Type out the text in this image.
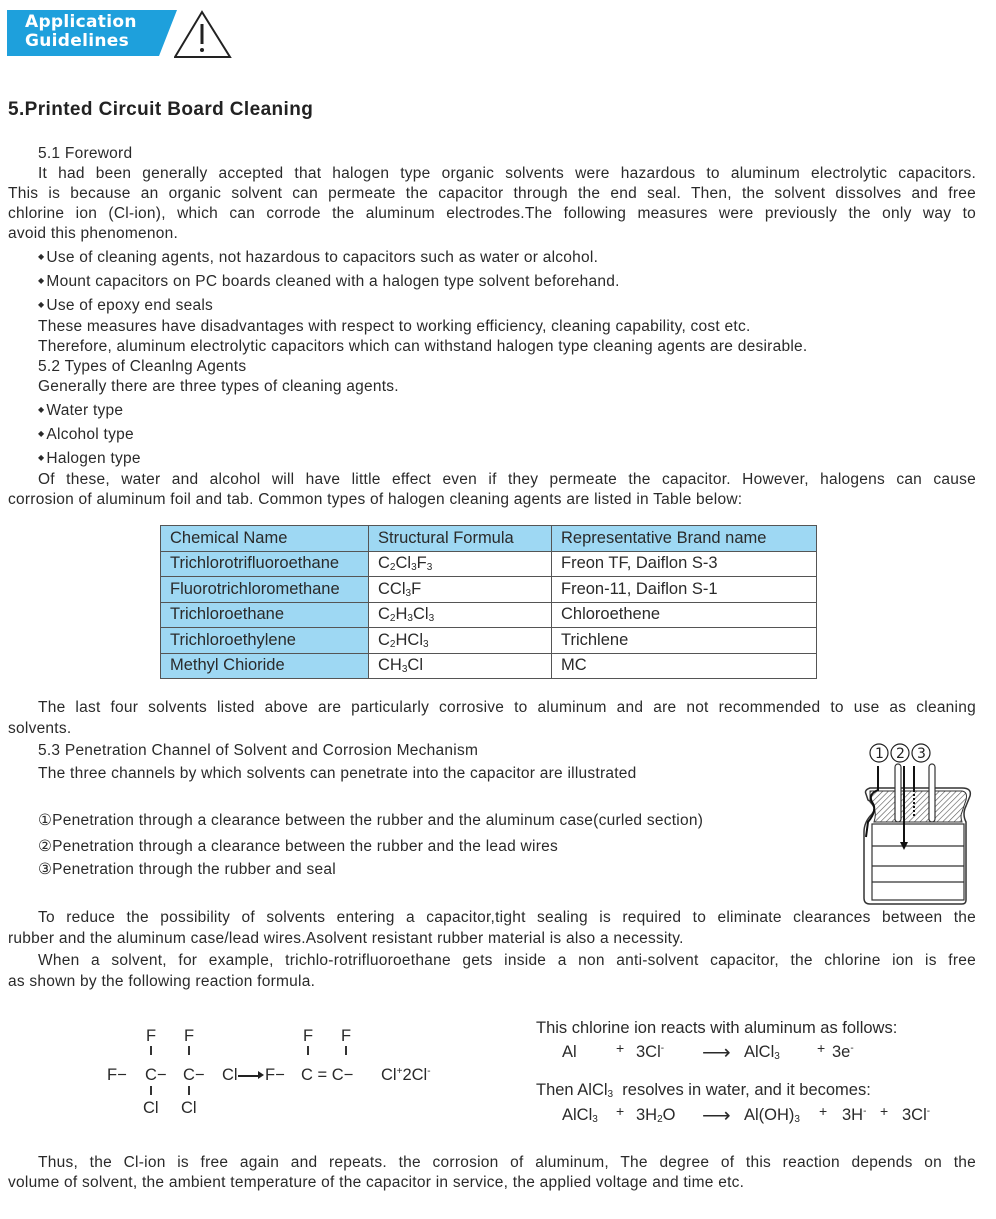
Application
Guidelines
5.Printed Circuit Board Cleaning
5.1 Foreword
It had been generally accepted that halogen type organic solvents were hazardous to aluminum electrolytic capacitors.
This is because an organic solvent can permeate the capacitor through the end seal. Then, the solvent dissolves and free
chlorine ion (Cl-ion), which can corrode the aluminum electrodes.The following measures were previously the only way to
avoid this phenomenon.
◆ Use of cleaning agents, not hazardous to capacitors such as water or alcohol.
◆ Mount capacitors on PC boards cleaned with a halogen type solvent beforehand.
◆ Use of epoxy end seals
These measures have disadvantages with respect to working efficiency, cleaning capability, cost etc.
Therefore, aluminum electrolytic capacitors which can withstand halogen type cleaning agents are desirable.
5.2 Types of Cleanlng Agents
Generally there are three types of cleaning agents.
◆ Water type
◆ Alcohol type
◆ Halogen type
Of these, water and alcohol will have little effect even if they permeate the capacitor. However, halogens can cause
corrosion of aluminum foil and tab. Common types of halogen cleaning agents are listed in Table below:
Chemical Name	Structural Formula	Representative Brand name
Trichlorotrifluoroethane	$C_2Cl_3F_3$	Freon TF, Daiflon S-3
Fluorotrichloromethane	CCl$_3$F	Freon-11, Daiflon S-1
Trichloroethane	$C_2H_3Cl_3$	Chloroethene
Trichloroethylene	$C_2HCl_3$	Trichlene
Methyl Chioride	$CH_3Cl$	MC
The last four solvents listed above are particularly corrosive to aluminum and are not recommended to use as cleaning
solvents.
5.3 Penetration Channel of Solvent and Corrosion Mechanism
The three channels by which solvents can penetrate into the capacitor are illustrated
①Penetration through a clearance between the rubber and the aluminum case(curled section)
②Penetration through a clearance between the rubber and the lead wires
③Penetration through the rubber and seal
1 2 3
To reduce the possibility of solvents entering a capacitor,tight sealing is required to eliminate clearances between the
rubber and the aluminum case/lead wires.Asolvent resistant rubber material is also a necessity.
When a solvent, for example, trichlo-rotrifluoroethane gets inside a non anti-solvent capacitor, the chlorine ion is free
as shown by the following reaction formula.
F F	F F
F− C− C− Cl F− C = C− Cl+2Cl-
Cl Cl
This chlorine ion reacts with aluminum as follows:
Al	+ 3Cl- ⟶ AlCl$_3$
+ 3e-
Then AlCl$_3$  resolves in water, and it becomes:
AlCl$_3$
+ $3H_2O$ ⟶ $Al(OH)_3$
+ 3H- + 3Cl-
Thus, the Cl-ion is free again and repeats. the corrosion of aluminum, The degree of this reaction depends on the
volume of solvent, the ambient temperature of the capacitor in service, the applied voltage and time etc.
